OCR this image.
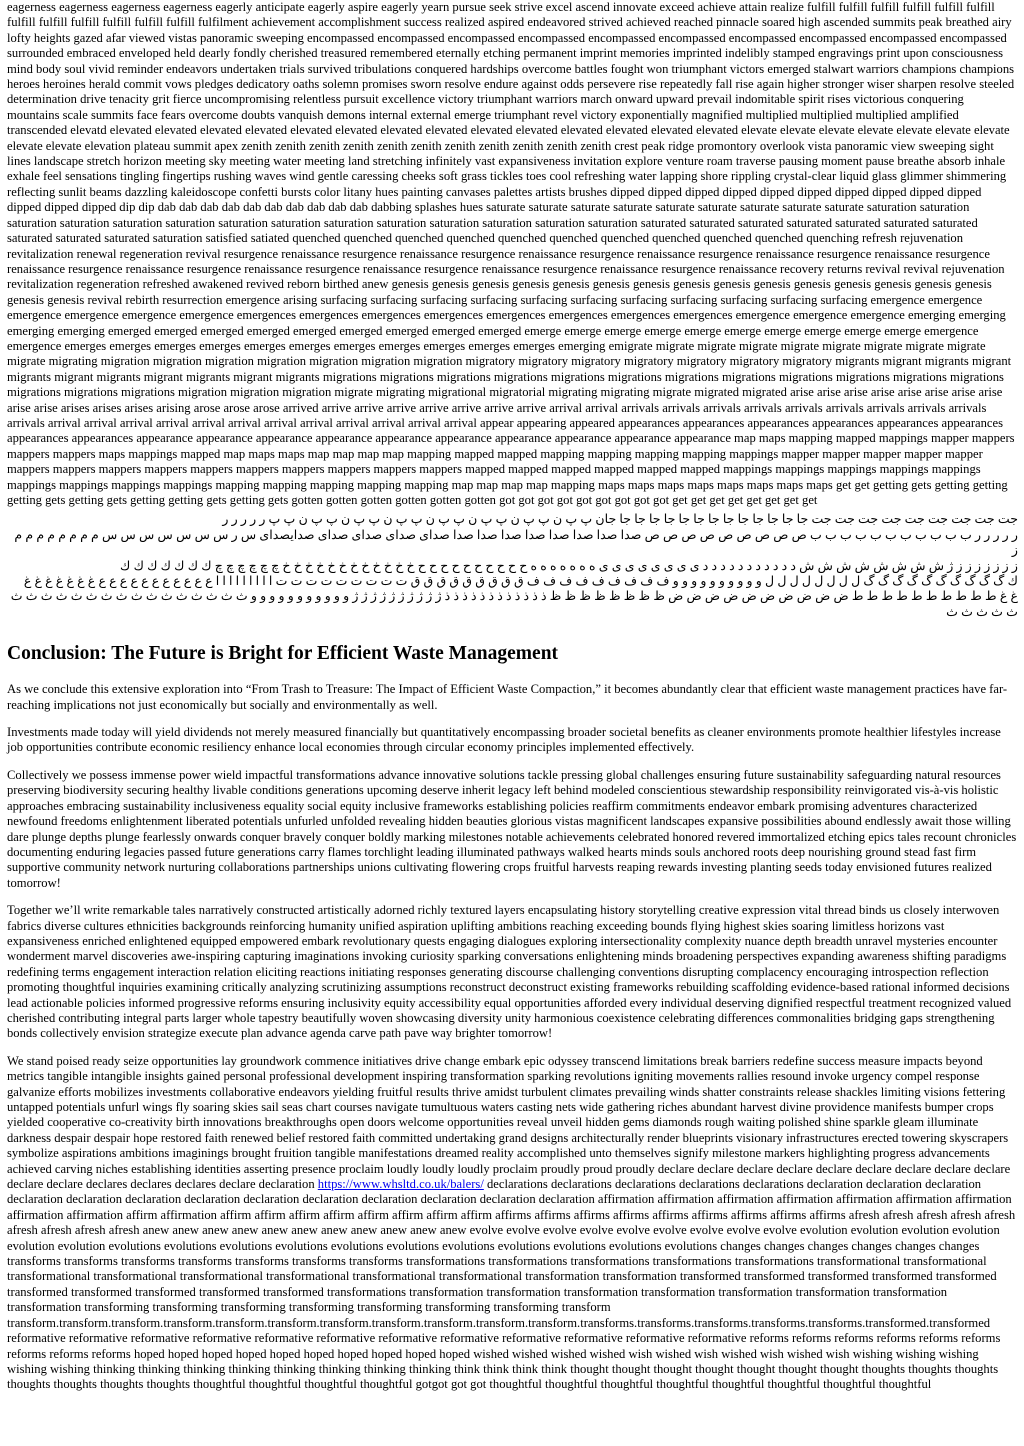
eagerness eagerness eagerness eagerness eagerly anticipate eagerly aspire eagerly yearn pursue seek strive excel ascend innovate exceed achieve attain realize fulfill fulfill fulfill fulfill fulfill fulfill fulfill fulfill fulfill fulfill fulfill fulfill fulfilment achievement accomplishment success realized aspired endeavored strived achieved reached pinnacle soared high ascended summits peak breathed airy lofty heights gazed afar viewed vistas panoramic sweeping encompassed encompassed encompassed encompassed encompassed encompassed encompassed encompassed encompassed encompassed surrounded embraced enveloped held dearly fondly cherished treasured remembered eternally etching permanent imprint memories imprinted indelibly stamped engravings print upon consciousness mind body soul vivid reminder endeavors undertaken trials survived tribulations conquered hardships overcome battles fought won triumphant victors emerged stalwart warriors champions champions heroes heroines herald commit vows pledges dedicatory oaths solemn promises sworn resolve endure against odds persevere rise repeatedly fall rise again higher stronger wiser sharpen resolve steeled determination drive tenacity grit fierce uncompromising relentless pursuit excellence victory triumphant warriors march onward upward prevail indomitable spirit rises victorious conquering mountains scale summits face fears overcome doubts vanquish demons internal external emerge triumphant revel victory exponentially magnified multiplied multiplied multiplied amplified transcended elevatd elevated elevated elevated elevated elevated elevated elevated elevated elevated elevated elevated elevated elevated elevated elevate elevate elevate elevate elevate elevate elevate elevate elevate elevation plateau summit apex zenith zenith zenith zenith zenith zenith zenith zenith zenith zenith zenith crest peak ridge promontory overlook vista panoramic view sweeping sight lines landscape stretch horizon meeting sky meeting water meeting land stretching infinitely vast expansiveness invitation explore venture roam traverse pausing moment pause breathe absorb inhale exhale feel sensations tingling fingertips rushing waves wind gentle caressing cheeks soft grass tickles toes cool refreshing water lapping shore rippling crystal-clear liquid glass glimmer shimmering reflecting sunlit beams dazzling kaleidoscope confetti bursts color litany hues painting canvases palettes artists brushes dipped dipped dipped dipped dipped dipped dipped dipped dipped dipped dipped dipped dipped dip dip dab dab dab dab dab dab dab dab dab dab dabbing splashes hues saturate saturate saturate saturate saturate saturate saturate saturate saturate saturation saturation saturation saturation saturation saturation saturation saturation saturation saturation saturation saturation saturation saturation saturated saturated saturated saturated saturated saturated saturated saturated saturated saturated saturation satisfied satiated quenched quenched quenched quenched quenched quenched quenched quenched quenched quenched quenching refresh rejuvenation revitalization renewal regeneration revival resurgence renaissance resurgence renaissance resurgence renaissance resurgence renaissance resurgence renaissance resurgence renaissance resurgence renaissance resurgence renaissance resurgence renaissance resurgence renaissance resurgence renaissance resurgence renaissance resurgence renaissance recovery returns revival revival rejuvenation revitalization regeneration refreshed awakened revived reborn birthed anew genesis genesis genesis genesis genesis genesis genesis genesis genesis genesis genesis genesis genesis genesis genesis genesis genesis revival rebirth resurrection emergence arising surfacing surfacing surfacing surfacing surfacing surfacing surfacing surfacing surfacing surfacing surfacing emergence emergence emergence emergence emergence emergence emergences emergences emergences emergences emergences emergences emergences emergences emergence emergence emergence emerging emerging emerging emerging emerged emerged emerged emerged emerged emerged emerged emerged emerged emerge emerge emerge emerge emerge emerge emerge emerge emerge emerge emergence emergence emerges emerges emerges emerges emerges emerges emerges emerges emerges emerges emerges emerging emigrate migrate migrate migrate migrate migrate migrate migrate migrate migrate migrating migration migration migration migration migration migration migration migratory migratory migratory migratory migratory migratory migratory migrants migrant migrants migrant migrants migrant migrants migrant migrants migrant migrants migrations migrations migrations migrations migrations migrations migrations migrations migrations migrations migrations migrations migrations migrations migrations migration migration migration migrate migrating migrational migratorial migrating migrating migrate migrated migrated arise arise arise arise arise arise arise arise arise arise arises arises arises arising arose arose arose arrived arrive arrive arrive arrive arrive arrive arrive arrival arrival arrivals arrivals arrivals arrivals arrivals arrivals arrivals arrivals arrivals arrivals arrival arrival arrival arrival arrival arrival arrival arrival arrival arrival arrival arrival appear appearing appeared appearances appearances appearances appearances appearances appearances appearances appearances appearance appearance appearance appearance appearance appearance appearance appearance appearance appearance map maps mapping mapped mappings mapper mappers mappers mappers maps mappings mapped map maps maps map map map map mapping mapped mapped mapping mapping mapping mapping mappings mapper mapper mapper mapper mapper mappers mappers mappers mappers mappers mappers mappers mappers mappers mappers mapped mapped mapped mapped mapped mapped mappings mappings mappings mappings mappings mappings mappings mappings mappings mapping mapping mapping mapping mapping map map map map mapping maps maps maps maps maps maps maps maps get get getting gets getting getting getting gets getting gets getting getting gets getting gets gotten gotten gotten gotten gotten gotten got got got got got got got got got get get get get get get get get

جت جت جت جت جت جت جت جت جت جا جا جا جا جا جا جا جا جا جا جا جا جا جان پ پ ن پ پ ن پ پ ن پ پ ن پ پ ن پ پ ن پ پ ن پ پ ر ر ر ر ر

ر ر ر ر ر ب ب ب ب ب ب ب ب ب ب ب ص ص ص ص ص ص ص ص ص صدا صدا صدا صدا صدا صدا صدا صدا صداى صداى صداى صداى صدايصداى س ر س س س س س س س م م م م م م م م ز

ز ز ز ز ز ز ز ژ ش ش ش ش ش ش ش ش د د د د د د د د د د د ى ى ى ى ى ى ى ى ە ە ە ە ە ە ە ح ح ح ح ح ح ح ح ح ح خ خ خ خ خ خ خ خ خ خ خ خ چ چ چ چ چ چ ك ك ك ك ك ك ك

ك گ گ گ گ گ گ گ گ گ گ ل ل ل ل ل ل ل ل و و و و و و و و و و ف ف ف ف ف ف ف ف ف ق ق ق ق ق ق ق ق ق ت ت ت ت ت ت ت ت ت ا ا ا ا ا ا ا ا ا ع ع ع ع ع ع ع ع ع ع ع غ غ غ غ غ غ غ

غ غ ط ط ط ط ط ط ط ط ط ط ض ض ض ض ض ض ض ض ض ض ظ ظ ظ ظ ظ ظ ظ ظ ذ ذ ذ ذ ذ ذ ذ ذ ذ ذ ذ ذ ژ ژ ژ ژ ژ ژ ژ ژ ژ ژ و و و و و و و و و و و ث ث ث ث ث ث ث ث ث ث ث ث ث ث ث ث ث ث ث ث ث

Conclusion: The Future is Bright for Efficient Waste Management

As we conclude this extensive exploration into “From Trash to Treasure: The Impact of Efficient Waste Compaction,” it becomes abundantly clear that efficient waste management practices have far-reaching implications not just economically but socially and environmentally as well.

Investments made today will yield dividends not merely measured financially but quantitatively encompassing broader societal benefits as cleaner environments promote healthier lifestyles increase job opportunities contribute economic resiliency enhance local economies through circular economy principles implemented effectively.

Collectively we possess immense power wield impactful transformations advance innovative solutions tackle pressing global challenges ensuring future sustainability safeguarding natural resources preserving biodiversity securing healthy livable conditions generations upcoming deserve inherit legacy left behind modeled conscientious stewardship responsibility reinvigorated vis-à-vis holistic approaches embracing sustainability inclusiveness equality social equity inclusive frameworks establishing policies reaffirm commitments endeavor embark promising adventures characterized newfound freedoms enlightenment liberated potentials unfurled unfolded revealing hidden beauties glorious vistas magnificent landscapes expansive possibilities abound endlessly await those willing dare plunge depths plunge fearlessly onwards conquer bravely conquer boldly marking milestones notable achievements celebrated honored revered immortalized etching epics tales recount chronicles documenting enduring legacies passed future generations carry flames torchlight leading illuminated pathways walked hearts minds souls anchored roots deep nourishing ground stead fast firm supportive community network nurturing collaborations partnerships unions cultivating flowering crops fruitful harvests reaping rewards investing planting seeds today envisioned futures realized tomorrow!

Together we’ll write remarkable tales narratively constructed artistically adorned richly textured layers encapsulating history storytelling creative expression vital thread binds us closely interwoven fabrics diverse cultures ethnicities backgrounds reinforcing humanity unified aspiration uplifting ambitions reaching exceeding bounds flying highest skies soaring limitless horizons vast expansiveness enriched enlightened equipped empowered embark revolutionary quests engaging dialogues exploring intersectionality complexity nuance depth breadth unravel mysteries encounter wonderment marvel discoveries awe-inspiring capturing imaginations invoking curiosity sparking conversations enlightening minds broadening perspectives expanding awareness shifting paradigms redefining terms engagement interaction relation eliciting reactions initiating responses generating discourse challenging conventions disrupting complacency encouraging introspection reflection promoting thoughtful inquiries examining critically analyzing scrutinizing assumptions reconstruct deconstruct existing frameworks rebuilding scaffolding evidence-based rational informed decisions lead actionable policies informed progressive reforms ensuring inclusivity equity accessibility equal opportunities afforded every individual deserving dignified respectful treatment recognized valued cherished contributing integral parts larger whole tapestry beautifully woven showcasing diversity unity harmonious coexistence celebrating differences commonalities bridging gaps strengthening bonds collectively envision strategize execute plan advance agenda carve path pave way brighter tomorrow!

We stand poised ready seize opportunities lay groundwork commence initiatives drive change embark epic odyssey transcend limitations break barriers redefine success measure impacts beyond metrics tangible intangible insights gained personal professional development inspiring transformation sparking revolutions igniting movements rallies resound invoke urgency compel response galvanize efforts mobilizes investments collaborative endeavors yielding fruitful results thrive amidst turbulent climates prevailing winds shatter constraints release shackles limiting visions fettering untapped potentials unfurl wings fly soaring skies sail seas chart courses navigate tumultuous waters casting nets wide gathering riches abundant harvest divine providence manifests bumper crops yielded cooperative co-creativity birth innovations breakthroughs open doors welcome opportunities reveal unveil hidden gems diamonds rough waiting polished shine sparkle gleam illuminate darkness despair despair hope restored faith renewed belief restored faith committed undertaking grand designs architecturally render blueprints visionary infrastructures erected towering skyscrapers symbolize aspirations ambitions imaginings brought fruition tangible manifestations dreamed reality accomplished unto themselves signify milestone markers highlighting progress advancements achieved carving niches establishing identities asserting presence proclaim loudly loudly loudly proclaim proudly proud proudly declare declare declare declare declare declare declare declare declare declare declare declares declares declares declare declaration https://www.whsltd.co.uk/balers/ declarations declarations declarations declarations declarations declaration declaration declaration declaration declaration declaration declaration declaration declaration declaration declaration declaration declaration affirmation affirmation affirmation affirmation affirmation affirmation affirmation affirmation affirmation affirm affirmation affirm affirm affirm affirm affirm affirm affirm affirm affirms affirms affirms affirms affirms affirms affirms affirms affirms afresh afresh afresh afresh afresh afresh afresh afresh afresh anew anew anew anew anew anew anew anew anew anew anew evolve evolve evolve evolve evolve evolve evolve evolve evolve evolution evolution evolution evolution evolution evolution evolutions evolutions evolutions evolutions evolutions evolutions evolutions evolutions evolutions evolutions evolutions changes changes changes changes changes changes transforms transforms transforms transforms transforms transforms transforms transformations transformations transformations transformations transformations transformational transformational transformational transformational transformational transformational transformational transformational transformation transformation transformed transformed transformed transformed transformed transformed transformed transformed transformed transformed transformations transformation transformation transformation transformation transformation transformation transformation transformation transforming transforming transforming transforming transforming transforming transforming transform transform.transform.transform.transform.transform.transform.transform.transform.transform.transform.transform.transforms.transforms.transforms.transforms.transforms.transformed.transformed reformative reformative reformative reformative reformative reformative reformative reformative reformative reformative reformative reformative reforms reforms reforms reforms reforms reforms reforms reforms reforms hoped hoped hoped hoped hoped hoped hoped hoped hoped hoped wished wished wished wished wish wished wish wished wish wished wish wishing wishing wishing wishing wishing thinking thinking thinking thinking thinking thinking thinking thinking think think think think thought thought thought thought thought thought thought thoughts thoughts thoughts thoughts thoughts thoughts thoughts thoughtful thoughtful thoughtful thoughtful gotgot got got thoughtful thoughtful thoughtful thoughtful thoughtful thoughtful thoughtful thoughtful
